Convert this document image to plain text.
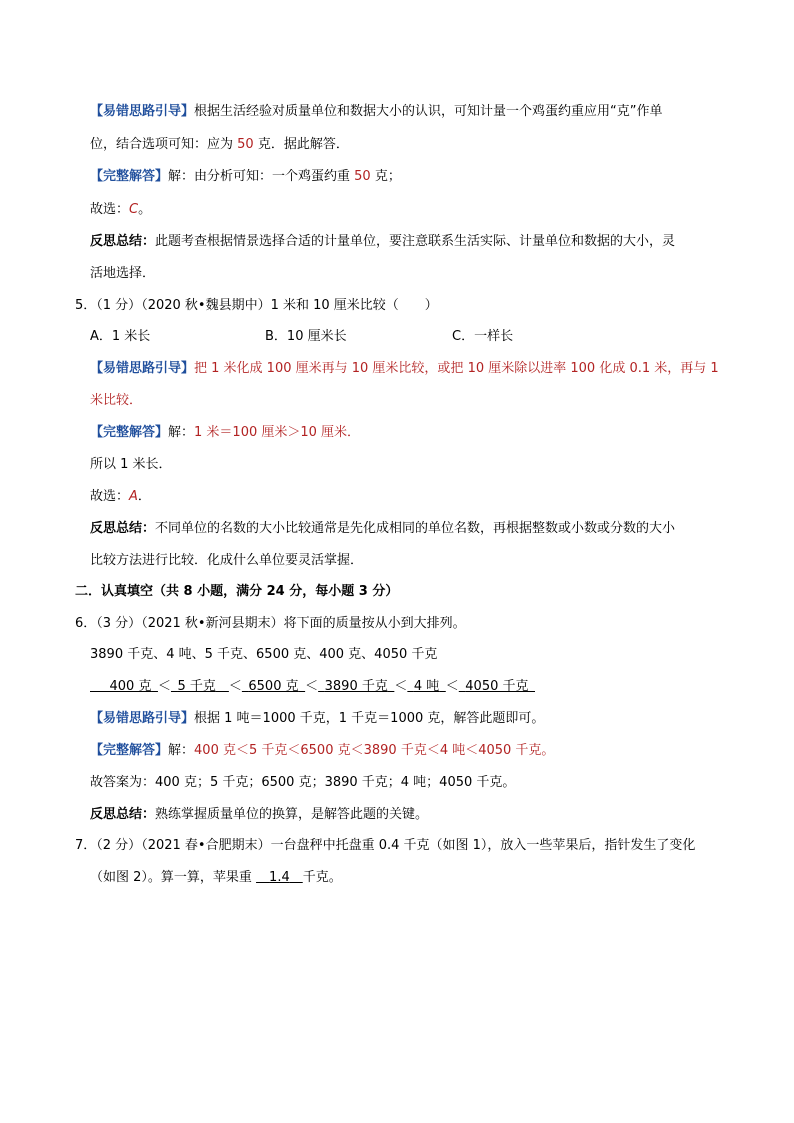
【易错思路引导】根据生活经验对质量单位和数据大小的认识，可知计量一个鸡蛋约重应用“克”作单
位，结合选项可知：应为 50 克．据此解答．
【完整解答】解：由分析可知：一个鸡蛋约重 50 克；
故选：C。
反思总结：此题考查根据情景选择合适的计量单位，要注意联系生活实际、计量单位和数据的大小，灵
活地选择．
5．（1 分）（2020 秋•魏县期中）1 米和 10 厘米比较（　　）
A．1 米长	B．10 厘米长	C．一样长
【易错思路引导】把 1 米化成 100 厘米再与 10 厘米比较，或把 10 厘米除以进率 100 化成 0.1 米，再与 1
米比较．
【完整解答】解：1 米＝100 厘米＞10 厘米．
所以 1 米长．
故选：A．
反思总结：不同单位的名数的大小比较通常是先化成相同的单位名数，再根据整数或小数或分数的大小
比较方法进行比较．化成什么单位要灵活掌握．
二．认真填空（共 8 小题，满分 24 分，每小题 3 分）
6．（3 分）（2021 秋•新河县期末）将下面的质量按从小到大排列。
3890 千克、4 吨、5 千克、6500 克、400 克、4050 千克
  400 克  ＜  5 千克  ＜  6500 克  ＜  3890 千克  ＜  4 吨  ＜  4050 千克 
【易错思路引导】根据 1 吨＝1000 千克，1 千克＝1000 克，解答此题即可。
【完整解答】解：400 克＜5 千克＜6500 克＜3890 千克＜4 吨＜4050 千克。
故答案为：400 克；5 千克；6500 克；3890 千克；4 吨；4050 千克。
反思总结：熟练掌握质量单位的换算，是解答此题的关键。
7．（2 分）（2021 春•合肥期末）一台盘秤中托盘重 0.4 千克（如图 1），放入一些苹果后，指针发生了变化
（如图 2）。算一算，苹果重   1.4   千克。
